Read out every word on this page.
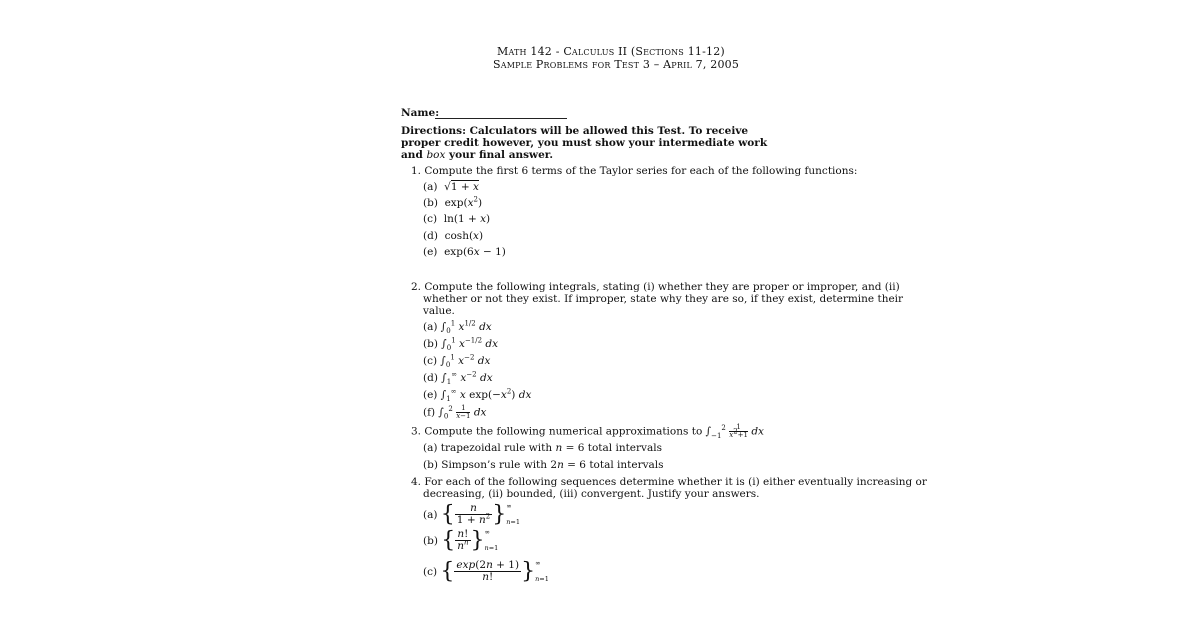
Math 142 - Calculus II (Sections 11-12)
Sample Problems for Test 3 – April 7, 2005
Name:
Directions: Calculators will be allowed this Test. To receive
proper credit however, you must show your intermediate work
and box your final answer.
1. Compute the first 6 terms of the Taylor series for each of the following functions:
(a)  √1 + x
(b)  $\exp(x^2)$
(c)  ln(1 + x)
(d)  cosh(x)
(e)  exp(6x − 1)
2. Compute the following integrals, stating (i) whether they are proper or improper, and (ii)
whether or not they exist. If improper, state why they are so, if they exist, determine their
value.
(a) $\int_0^1$ $x^{1/2}$ dx
(b) $\int_0^1$ $x^{-1/2}$ dx
(c) $\int_0^1$ $x^{-2}$ dx
(d) $\int_1^\infty$ $x^{-2}$ dx
(e) $\int_1^\infty$ x $\exp(-x^2)$ dx
(f) $\int_0^2 \frac{1}{x-1}$ dx
3. Compute the following numerical approximations to $\int_{-1}^2 \frac{1}{x^2+1}$ dx
(a) trapezoidal rule with n = 6 total intervals
(b) Simpson’s rule with 2n = 6 total intervals
4. For each of the following sequences determine whether it is (i) either eventually increasing or
decreasing, (ii) bounded, (iii) convergent. Justify your answers.
(a)
{ $\frac{n}{1 + n^2}$ } ∞
n=1
(b)
{ $\frac{n!}{n^n}$ } ∞
n=1
(c)
{ $\frac{\exp(2n + 1)}{n!}$ } ∞
n=1
